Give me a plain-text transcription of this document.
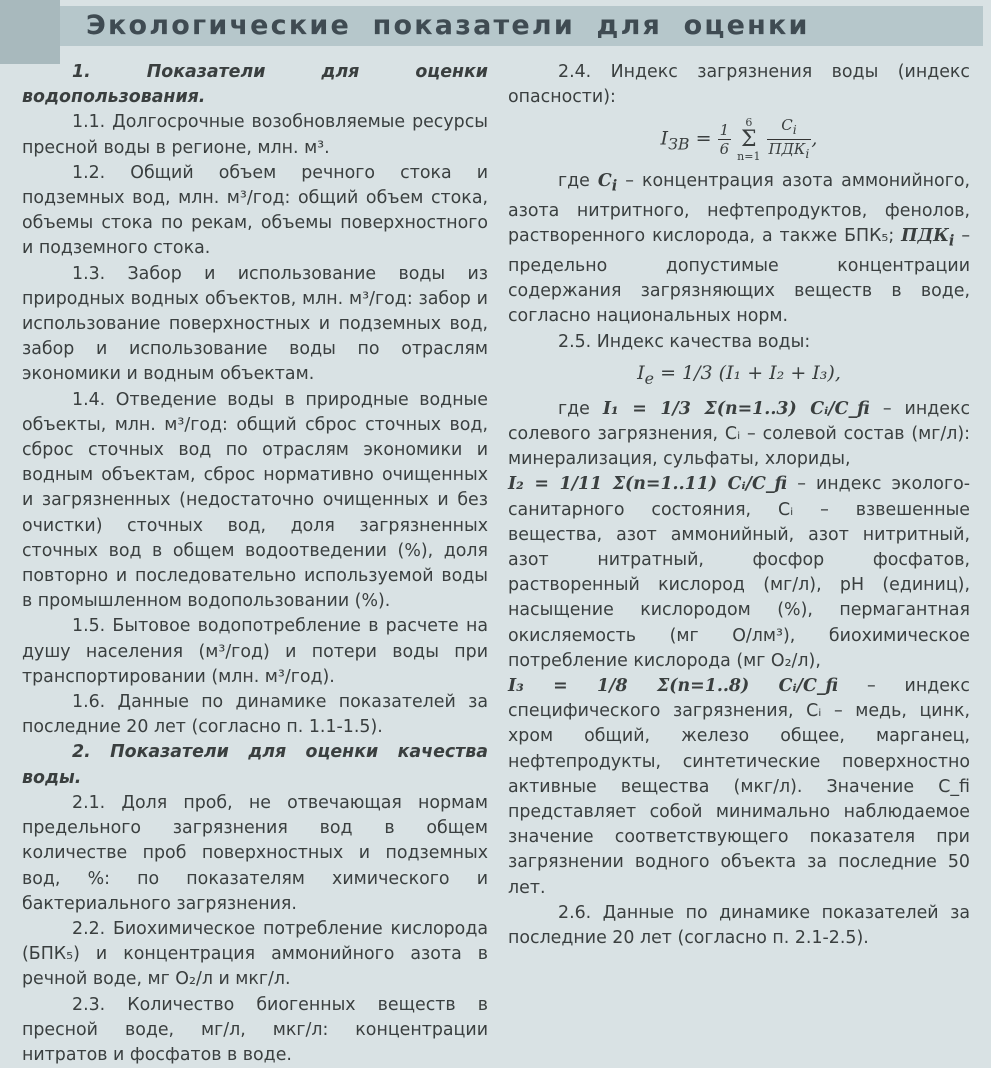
Экологические показатели для оценки

1. Показатели для оценки водопользования.

1.1. Долгосрочные возобновляемые ресурсы пресной воды в регионе, млн. м³.

1.2. Общий объем речного стока и подземных вод, млн. м³/год: общий объем стока, объемы стока по рекам, объемы поверхностного и подземного стока.

1.3. Забор и использование воды из природных водных объектов, млн. м³/год: забор и использование поверхностных и подземных вод, забор и использование воды по отраслям экономики и водным объектам.

1.4. Отведение воды в природные водные объекты, млн. м³/год: общий сброс сточных вод, сброс сточных вод по отраслям экономики и водным объектам, сброс нормативно очищенных и загрязненных (недостаточно очищенных и без очистки) сточных вод, доля загрязненных сточных вод в общем водоотведении (%), доля повторно и последовательно используемой воды в промышленном водопользовании (%).

1.5. Бытовое водопотребление в расчете на душу населения (м³/год) и потери воды при транспортировании (млн. м³/год).

1.6. Данные по динамике показателей за последние 20 лет (согласно п. 1.1-1.5).

2. Показатели для оценки качества воды.

2.1. Доля проб, не отвечающая нормам предельного загрязнения вод в общем количестве проб поверхностных и подземных вод, %: по показателям химического и бактериального загрязнения.

2.2. Биохимическое потребление кислорода (БПК₅) и концентрация аммонийного азота в речной воде, мг О₂/л и мкг/л.

2.3. Количество биогенных веществ в пресной воде, мг/л, мкг/л: концентрации нитратов и фосфатов в воде.

2.4. Индекс загрязнения воды (индекс опасности):

$I_{ЗВ} = \frac{1}{6} 6$
Σ
$n=1 \frac{C_i}{ПДК_i}$ ,

где $C_i$ – концентрация азота аммонийного, азота нитритного, нефтепродуктов, фенолов, растворенного кислорода, а также БПК₅; $ПДК_i$ – предельно допустимые концентрации содержания загрязняющих веществ в воде, согласно национальных норм.

2.5. Индекс качества воды:

$I_e = 1/3$ (I₁ + I₂ + I₃),

где I₁ = 1/3 Σ(n=1..3) Cᵢ/C_fi – индекс солевого загрязнения, Cᵢ – солевой состав (мг/л): минерализация, сульфаты, хлориды,

I₂ = 1/11 Σ(n=1..11) Cᵢ/C_fi – индекс эколого-санитарного состояния, Cᵢ – взвешенные вещества, азот аммонийный, азот нитритный, азот нитратный, фосфор фосфатов, растворенный кислород (мг/л), pH (единиц), насыщение кислородом (%), пермагантная окисляемость (мг О/лм³), биохимическое потребление кислорода (мг О₂/л),

I₃ = 1/8 Σ(n=1..8) Cᵢ/C_fi – индекс специфического загрязнения, Cᵢ – медь, цинк, хром общий, железо общее, марганец, нефтепродукты, синтетические поверхностно активные вещества (мкг/л). Значение C_fi представляет собой минимально наблюдаемое значение соответствующего показателя при загрязнении водного объекта за последние 50 лет.

2.6. Данные по динамике показателей за последние 20 лет (согласно п. 2.1-2.5).
